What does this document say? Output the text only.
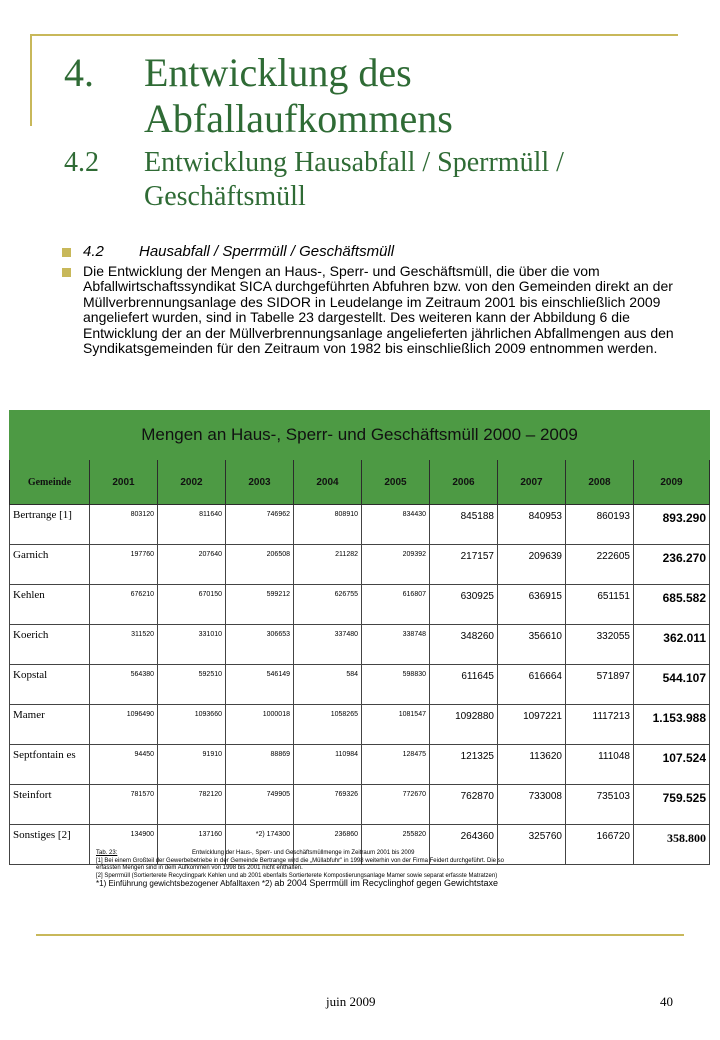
4.	Entwicklung des
Abfallaufkommens
4.2	Entwicklung Hausabfall / Sperrmüll /
Geschäftsmüll
4.2 Hausabfall / Sperrmüll / Geschäftsmüll
Die Entwicklung der Mengen an Haus-, Sperr- und Geschäftsmüll, die über die vom Abfallwirtschaftssyndikat SICA durchgeführten Abfuhren bzw. von den Gemeinden direkt an der Müllverbrennungsanlage des SIDOR in Leudelange im Zeitraum 2001 bis einschließlich 2009 angeliefert wurden, sind in Tabelle 23 dargestellt. Des weiteren kann der Abbildung 6 die Entwicklung der an der Müllverbrennungsanlage angelieferten jährlichen Abfallmengen aus den Syndikatsgemeinden für den Zeitraum von 1982 bis einschließlich 2009 entnommen werden.
Mengen an Haus-, Sperr- und Geschäftsmüll 2000 – 2009									
Gemeinde	2001	2002	2003	2004	2005	2006	2007	2008	2009
Bertrange [1]	803120	811640	746962	808910	834430	845188	840953	860193	893.290
Garnich	197760	207640	206508	211282	209392	217157	209639	222605	236.270
Kehlen	676210	670150	599212	626755	616807	630925	636915	651151	685.582
Koerich	311520	331010	306653	337480	338748	348260	356610	332055	362.011
Kopstal	564380	592510	546149	584	598830	611645	616664	571897	544.107
Mamer	1096490	1093660	1000018	1058265	1081547	1092880	1097221	1117213	1.153.988
Septfontain es	94450	91910	88869	110984	128475	121325	113620	111048	107.524
Steinfort	781570	782120	749905	769326	772670	762870	733008	735103	759.525
Sonstiges [2]	134900	137160	*2) 174300	236860	255820	264360	325760	166720	358.800
Tab. 23:	Entwicklung der Haus-, Sperr- und Geschäftsmüllmenge im Zeitraum 2001 bis 2009
[1] Bei einem Großteil der Gewerbebetriebe in der Gemeinde Bertrange wird die „Müllabfuhr" in 1998 weiterhin von der Firma Feidert durchgeführt. Die so
erfassten Mengen sind in dem Aufkommen von 1998 bis 2001 nicht enthalten.
[2] Sperrmüll (Sortierterete Recyclingpark Kehlen und ab 2001 ebenfalls Sortierterete Kompostierungsanlage Mamer sowie separat erfasste Matratzen)
*1) Einführung gewichtsbezogener Abfalltaxen *2) ab 2004 Sperrmüll im Recyclinghof gegen Gewichtstaxe
juin 2009	40
